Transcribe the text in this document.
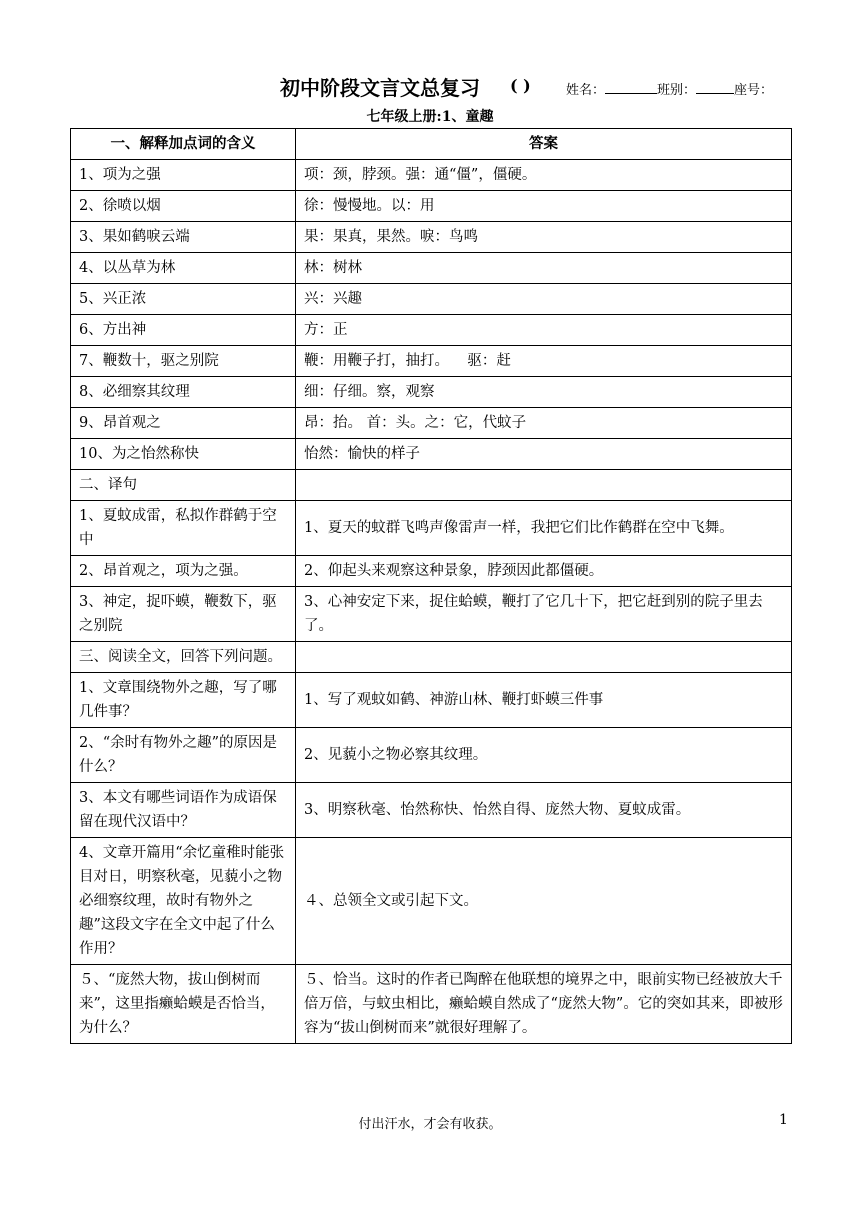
初中阶段文言文总复习 ( )	姓名：	班别：	座号：
七年级上册:1、童趣
一、解释加点词的含义	答案
1、项为之强	项：颈，脖颈。强：通“僵”，僵硬。
2、徐喷以烟	徐：慢慢地。以：用
3、果如鹤唳云端	果：果真，果然。唳：鸟鸣
4、以丛草为林	林：树林
5、兴正浓	兴：兴趣
6、方出神	方：正
7、鞭数十，驱之别院	鞭：用鞭子打，抽打。    驱：赶
8、必细察其纹理	细：仔细。察，观察
9、昂首观之	昂：抬。 首：头。之：它，代蚊子
10、为之怡然称快	怡然：愉快的样子
二、译句	
1、夏蚊成雷，私拟作群鹤于空中	1、夏天的蚊群飞鸣声像雷声一样，我把它们比作鹤群在空中飞舞。
2、昂首观之，项为之强。	2、仰起头来观察这种景象，脖颈因此都僵硬。
3、神定，捉吓蟆，鞭数下，驱之别院	3、心神安定下来，捉住蛤蟆，鞭打了它几十下，把它赶到别的院子里去了。
三、阅读全文，回答下列问题。	
1、文章围绕物外之趣，写了哪几件事？	1、写了观蚊如鹤、神游山林、鞭打虾蟆三件事
2、“余时有物外之趣”的原因是什么？	2、见藐小之物必察其纹理。
3、本文有哪些词语作为成语保留在现代汉语中？	3、明察秋毫、怡然称快、怡然自得、庞然大物、夏蚊成雷。
4、文章开篇用“余忆童稚时能张目对日，明察秋毫，见藐小之物必细察纹理，故时有物外之趣”这段文字在全文中起了什么作用？	４、总领全文或引起下文。
５、“庞然大物，拔山倒树而来”，这里指癞蛤蟆是否恰当，为什么？	５、恰当。这时的作者已陶醉在他联想的境界之中，眼前实物已经被放大千倍万倍，与蚊虫相比，癞蛤蟆自然成了“庞然大物”。它的突如其来，即被形容为“拔山倒树而来”就很好理解了。
付出汗水，才会有收获。	1
